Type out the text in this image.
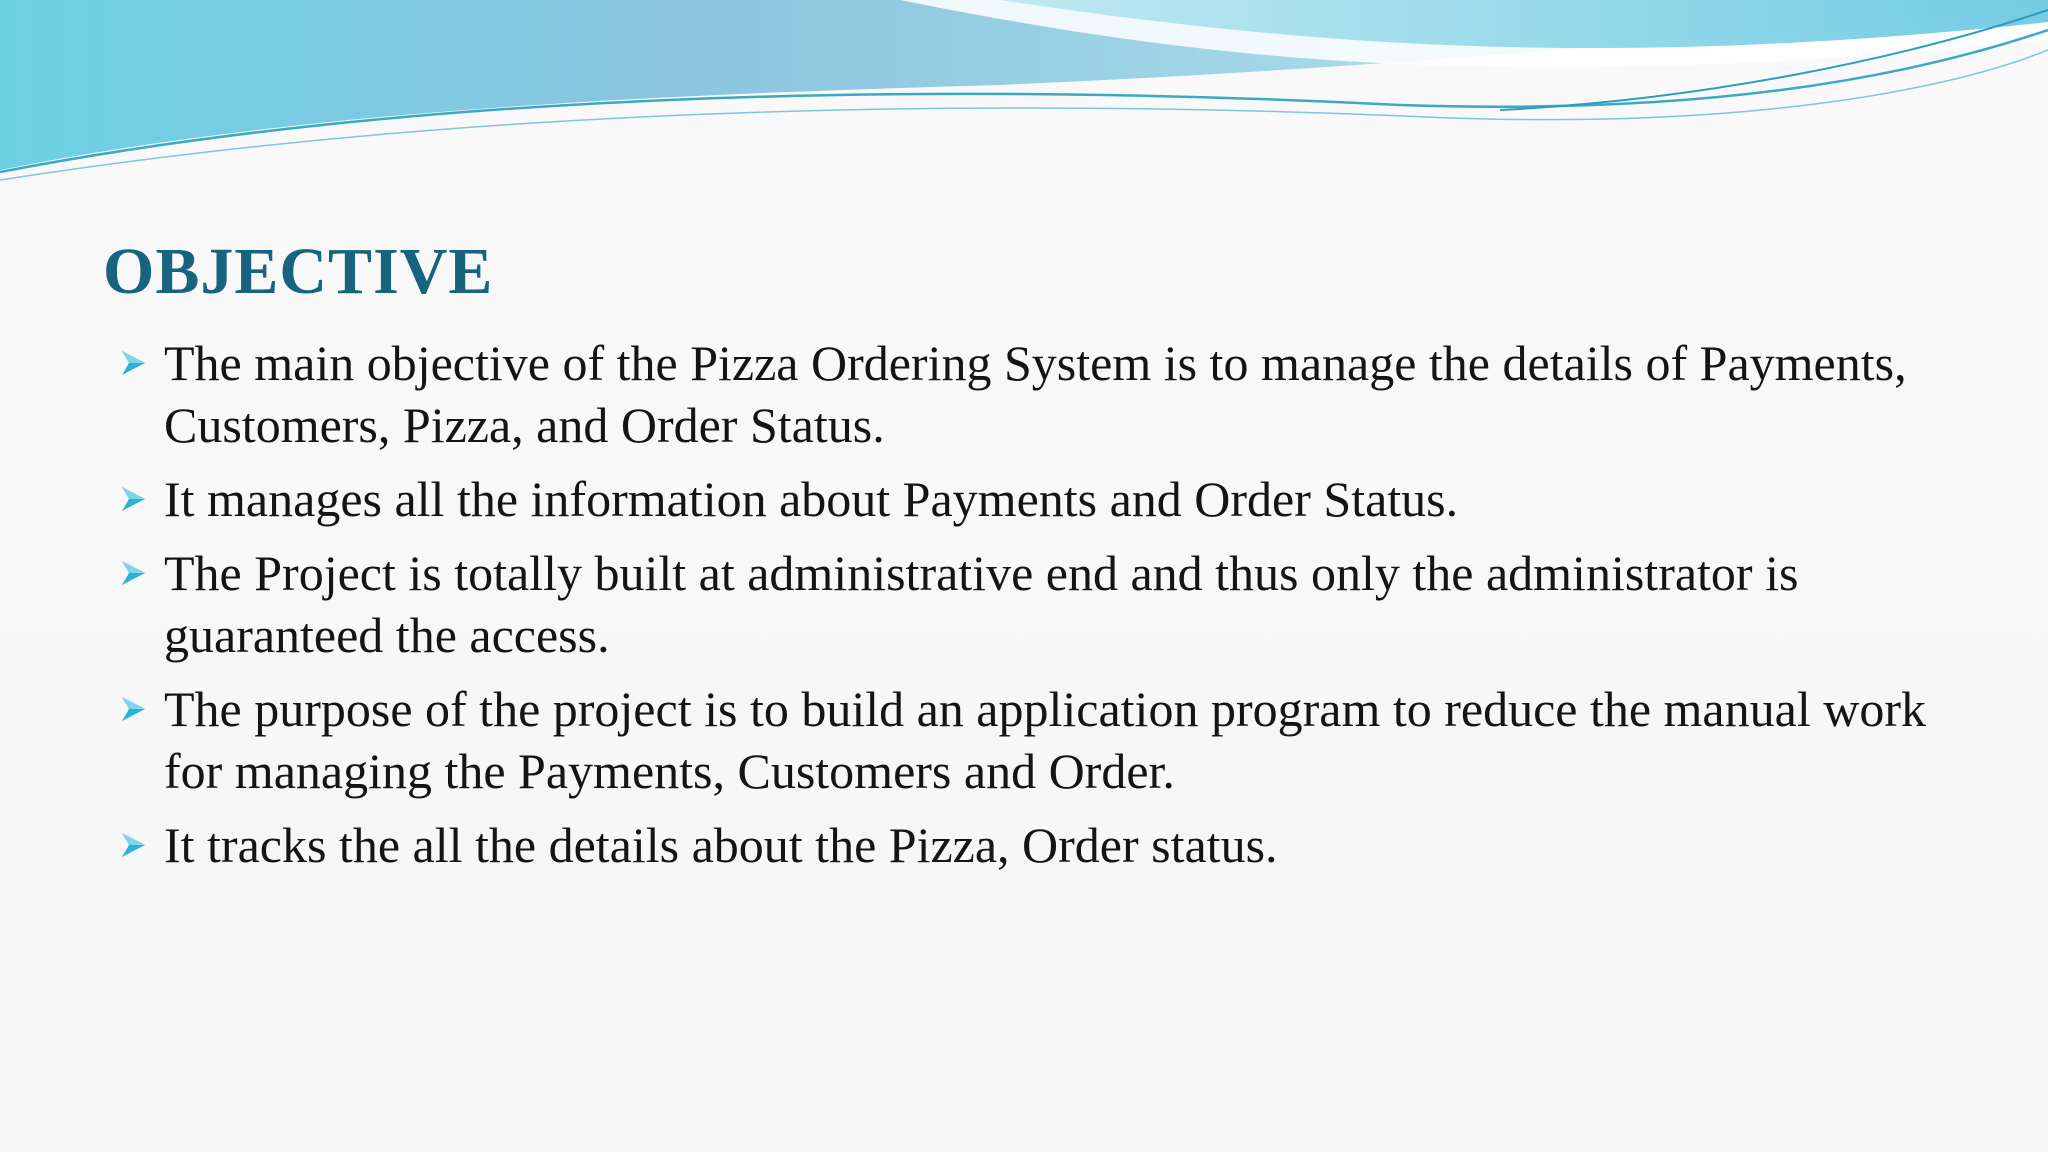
OBJECTIVE
The main objective of the Pizza Ordering System is to manage the details of Payments, Customers, Pizza, and Order Status.
It manages all the information about Payments and Order Status.
The Project is totally built at administrative end and thus only the administrator is guaranteed the access.
The purpose of the project is to build an application program to reduce the manual work for managing the Payments, Customers and Order.
It tracks the all the details about the Pizza, Order status.
